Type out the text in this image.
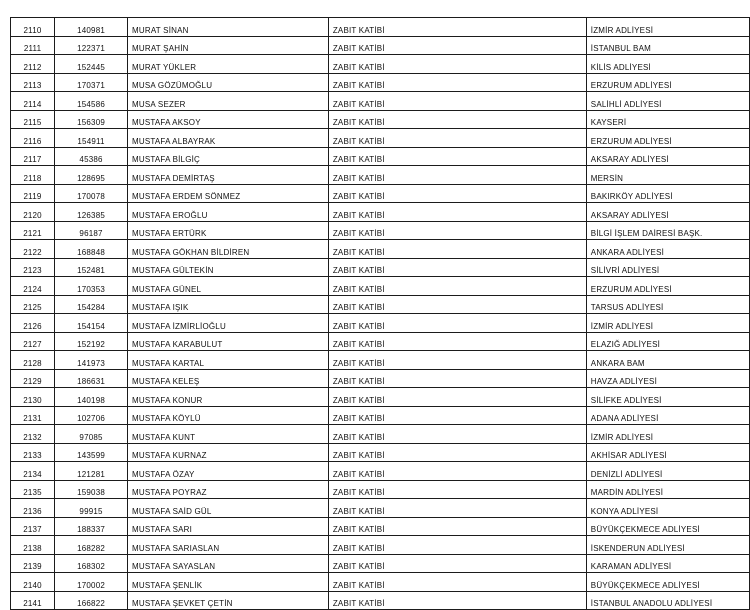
2110	140981	MURAT SİNAN	ZABIT KATİBİ	İZMİR ADLİYESİ
2111	122371	MURAT ŞAHİN	ZABIT KATİBİ	İSTANBUL BAM
2112	152445	MURAT YÜKLER	ZABIT KATİBİ	KİLİS ADLİYESİ
2113	170371	MUSA GÖZÜMOĞLU	ZABIT KATİBİ	ERZURUM ADLİYESİ
2114	154586	MUSA SEZER	ZABIT KATİBİ	SALİHLİ ADLİYESİ
2115	156309	MUSTAFA AKSOY	ZABIT KATİBİ	KAYSERİ
2116	154911	MUSTAFA ALBAYRAK	ZABIT KATİBİ	ERZURUM ADLİYESİ
2117	45386	MUSTAFA BİLGİÇ	ZABIT KATİBİ	AKSARAY ADLİYESİ
2118	128695	MUSTAFA DEMİRTAŞ	ZABIT KATİBİ	MERSİN
2119	170078	MUSTAFA ERDEM SÖNMEZ	ZABIT KATİBİ	BAKIRKÖY ADLİYESİ
2120	126385	MUSTAFA EROĞLU	ZABIT KATİBİ	AKSARAY ADLİYESİ
2121	96187	MUSTAFA ERTÜRK	ZABIT KATİBİ	BİLGİ İŞLEM DAİRESİ BAŞK.
2122	168848	MUSTAFA GÖKHAN BİLDİREN	ZABIT KATİBİ	ANKARA ADLİYESİ
2123	152481	MUSTAFA GÜLTEKİN	ZABIT KATİBİ	SİLİVRİ ADLİYESİ
2124	170353	MUSTAFA GÜNEL	ZABIT KATİBİ	ERZURUM ADLİYESİ
2125	154284	MUSTAFA IŞIK	ZABIT KATİBİ	TARSUS ADLİYESİ
2126	154154	MUSTAFA İZMİRLİOĞLU	ZABIT KATİBİ	İZMİR ADLİYESİ
2127	152192	MUSTAFA KARABULUT	ZABIT KATİBİ	ELAZIĞ ADLİYESİ
2128	141973	MUSTAFA KARTAL	ZABIT KATİBİ	ANKARA BAM
2129	186631	MUSTAFA KELEŞ	ZABIT KATİBİ	HAVZA ADLİYESİ
2130	140198	MUSTAFA KONUR	ZABIT KATİBİ	SİLİFKE ADLİYESİ
2131	102706	MUSTAFA KÖYLÜ	ZABIT KATİBİ	ADANA ADLİYESİ
2132	97085	MUSTAFA KUNT	ZABIT KATİBİ	İZMİR ADLİYESİ
2133	143599	MUSTAFA KURNAZ	ZABIT KATİBİ	AKHİSAR ADLİYESİ
2134	121281	MUSTAFA ÖZAY	ZABIT KATİBİ	DENİZLİ ADLİYESİ
2135	159038	MUSTAFA POYRAZ	ZABIT KATİBİ	MARDİN ADLİYESİ
2136	99915	MUSTAFA SAİD GÜL	ZABIT KATİBİ	KONYA ADLİYESİ
2137	188337	MUSTAFA SARI	ZABIT KATİBİ	BÜYÜKÇEKMECE ADLİYESİ
2138	168282	MUSTAFA SARIASLAN	ZABIT KATİBİ	İSKENDERUN ADLİYESİ
2139	168302	MUSTAFA SAYASLAN	ZABIT KATİBİ	KARAMAN ADLİYESİ
2140	170002	MUSTAFA ŞENLİK	ZABIT KATİBİ	BÜYÜKÇEKMECE ADLİYESİ
2141	166822	MUSTAFA ŞEVKET ÇETİN	ZABIT KATİBİ	İSTANBUL ANADOLU ADLİYESİ
